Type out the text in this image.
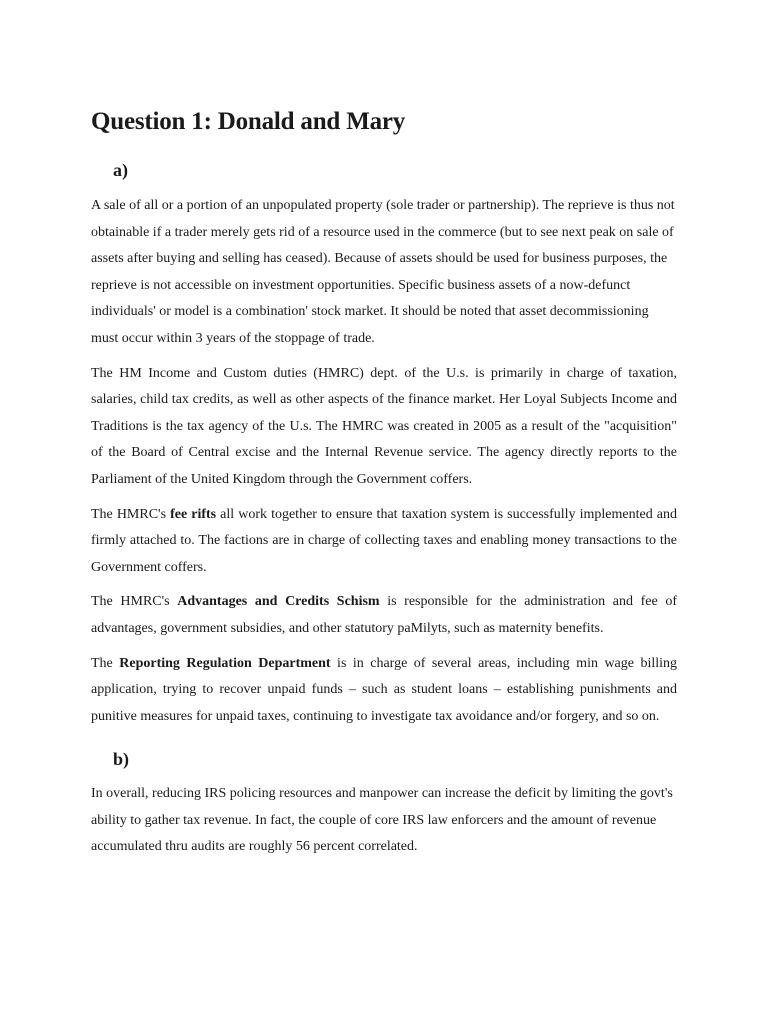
Question 1: Donald and Mary
a)

A sale of all or a portion of an unpopulated property (sole trader or partnership). The reprieve is thus not obtainable if a trader merely gets rid of a resource used in the commerce (but to see next peak on sale of assets after buying and selling has ceased). Because of assets should be used for business purposes, the reprieve is not accessible on investment opportunities. Specific business assets of a now-defunct individuals' or model is a combination' stock market. It should be noted that asset decommissioning must occur within 3 years of the stoppage of trade.

The HM Income and Custom duties (HMRC) dept. of the U.s. is primarily in charge of taxation, salaries, child tax credits, as well as other aspects of the finance market. Her Loyal Subjects Income and Traditions is the tax agency of the U.s. The HMRC was created in 2005 as a result of the "acquisition" of the Board of Central excise and the Internal Revenue service. The agency directly reports to the Parliament of the United Kingdom through the Government coffers.

The HMRC's fee rifts all work together to ensure that taxation system is successfully implemented and firmly attached to. The factions are in charge of collecting taxes and enabling money transactions to the Government coffers.

The HMRC's Advantages and Credits Schism is responsible for the administration and fee of advantages, government subsidies, and other statutory paMilyts, such as maternity benefits.

The Reporting Regulation Department is in charge of several areas, including min wage billing application, trying to recover unpaid funds – such as student loans – establishing punishments and punitive measures for unpaid taxes, continuing to investigate tax avoidance and/or forgery, and so on.

b)

In overall, reducing IRS policing resources and manpower can increase the deficit by limiting the govt's ability to gather tax revenue. In fact, the couple of core IRS law enforcers and the amount of revenue accumulated thru audits are roughly 56 percent correlated.
